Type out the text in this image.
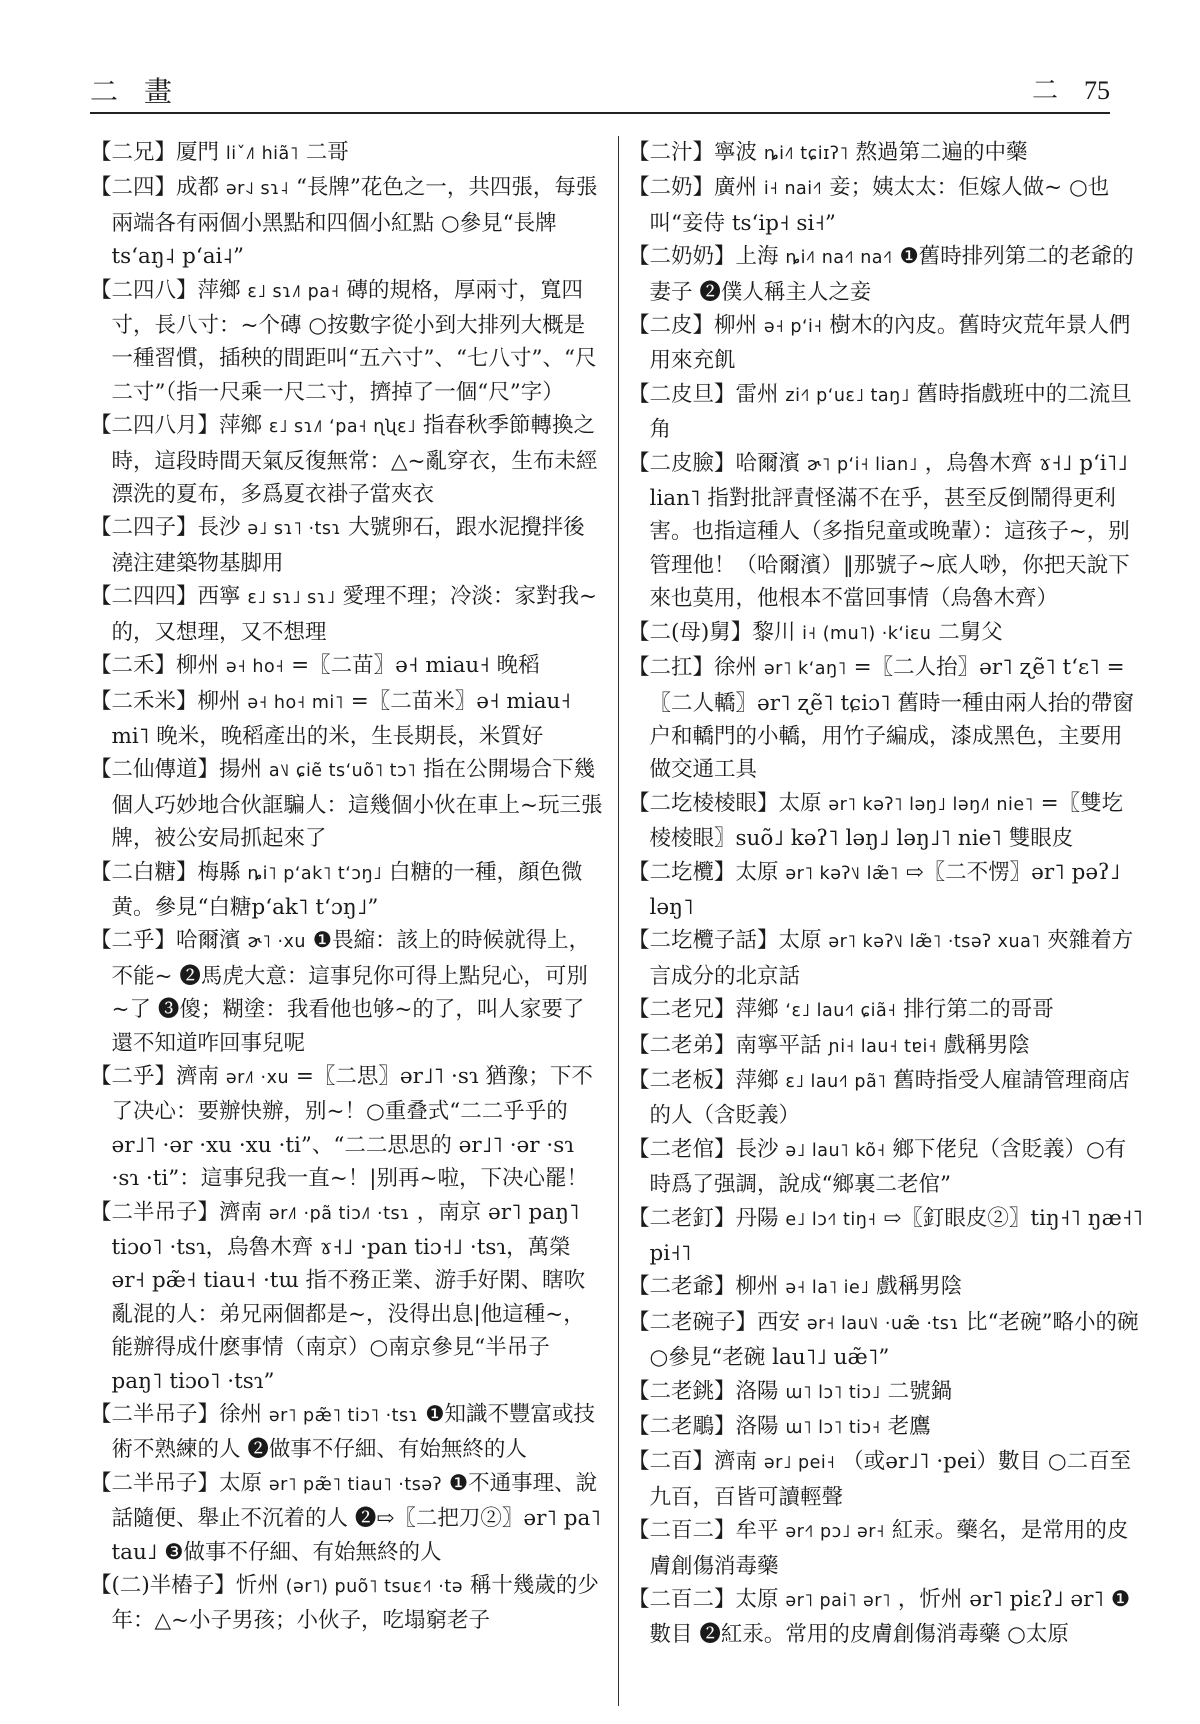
二畫	二 75

【二兄】厦門 liˇ˩˥ hiã˥ 二哥

【二四】成都 ər˨˩ sɿ˨ “長牌”花色之一，共四張，每張兩端各有兩個小黑點和四個小紅點 ○參見“長牌tsʻaŋ˨ pʻai˨”

【二四八】萍鄉 ɛ˩ sɿ˩˥ pa˧ 磚的規格，厚兩寸，寬四寸，長八寸：~个磚 ○按數字從小到大排列大概是一種習慣，插秧的間距叫“五六寸”、“七八寸”、“尺二寸”（指一尺乘一尺二寸，擠掉了一個“尺”字）

【二四八月】萍鄉 ɛ˩ sɿ˩˥ ʻpa˧ ɳʯɛ˩ 指春秋季節轉換之時，這段時間天氣反復無常：△~亂穿衣，生布未經漂洗的夏布，多爲夏衣褂子當夾衣

【二四子】長沙 ə˩ sɿ˥ ·tsɿ 大號卵石，跟水泥攪拌後澆注建築物基脚用

【二四四】西寧 ɛ˩ sɿ˩ sɿ˩ 愛理不理；冷淡：家對我~的，又想理，又不想理

【二禾】柳州 ə˧ ho˧ =〖二苗〗ə˧ miau˧ 晚稻

【二禾米】柳州 ə˧ ho˧ mi˥ =〖二苗米〗ə˧ miau˧ mi˥ 晚米，晚稻產出的米，生長期長，米質好

【二仙傳道】揚州 a˥˩ ɕiẽ tsʻuõ˥ tɔ˥ 指在公開場合下幾個人巧妙地合伙誆騙人：這幾個小伙在車上~玩三張牌，被公安局抓起來了

【二白糖】梅縣 ȵi˥ pʻak˥ tʻɔŋ˩ 白糖的一種，顏色微黄。參見“白糖pʻak˥ tʻɔŋ˩”

【二乎】哈爾濱 ɚ˥ ·xu ❶畏縮：該上的時候就得上，不能~ ❷馬虎大意：這事兒你可得上點兒心，可別~了 ❸傻；糊塗：我看他也够~的了，叫人家要了還不知道咋回事兒呢

【二乎】濟南 ər˩˥ ·xu =〖二思〗ər˩˥ ·sɿ 猶豫；下不了决心：要辦快辦，别~！○重叠式“二二乎乎的 ər˩˥ ·ər ·xu ·xu ·ti”、“二二思思的 ər˩˥ ·ər ·sɿ ·sɿ ·ti”：這事兒我一直~！|别再~啦，下决心罷！

【二半吊子】濟南 ər˩˥ ·pã tiɔ˩˥ ·tsɿ ，南京 ər˥ paŋ˥ tiɔo˥ ·tsɿ，烏魯木齊 ɤ˧˩ ·pan tiɔ˧˩ ·tsɿ，萬榮 ər˧ pæ̃˧ tiau˧ ·tɯ 指不務正業、游手好閑、瞎吹亂混的人：弟兄兩個都是~，没得出息|他這種~，能辦得成什麽事情（南京）○南京參見“半吊子 paŋ˥ tiɔo˥ ·tsɿ”

【二半吊子】徐州 ər˥ pæ̃˥ tiɔ˥ ·tsɿ ❶知識不豐富或技術不熟練的人 ❷做事不仔細、有始無終的人

【二半吊子】太原 ər˥ pæ̃˥ tiau˥ ·tsəʔ ❶不通事理、說話隨便、舉止不沉着的人 ❷⇨〖二把刀②〗ər˥ pa˥ tau˩ ❸做事不仔細、有始無終的人

【(二)半樁子】忻州 (ər˥) puõ˥ tsuɛ˧˥ ·tə 稱十幾歲的少年：△~小子男孩；小伙子，吃塌窮老子

【二汁】寧波 ȵi˨˥ tɕiɪʔ˥ 熬過第二遍的中藥

【二奶】廣州 i˧ nai˧˥ 妾；姨太太：佢嫁人做~ ○也叫“妾侍 tsʻip˧ si˧”

【二奶奶】上海 ȵi˨˥ na˧˥ na˧˥ ❶舊時排列第二的老爺的妻子 ❷僕人稱主人之妾

【二皮】柳州 ə˧ pʻi˧ 樹木的內皮。舊時灾荒年景人們用來充飢

【二皮旦】雷州 zi˧˥ pʻuɛ˩ taŋ˩ 舊時指戲班中的二流旦角

【二皮臉】哈爾濱 ɚ˥ pʻi˧ lian˩ ，烏魯木齊 ɤ˧˩ pʻi˥˩ lian˥ 指對批評責怪滿不在乎，甚至反倒鬧得更利害。也指這種人（多指兒童或晚輩）：這孩子~，别管理他！（哈爾濱）‖那號子~底人唦，你把天說下來也莫用，他根本不當回事情（烏魯木齊）

【二(母)舅】黎川 i˧ (mu˥) ·kʻiɛu 二舅父

【二扛】徐州 ər˥ kʻaŋ˥ =〖二人抬〗ər˥ ʐẽ˥ tʻɛ˥ =〖二人轎〗ər˥ ʐẽ˥ tɕiɔ˥ 舊時一種由兩人抬的帶窗户和轎門的小轎，用竹子編成，漆成黑色，主要用做交通工具

【二圪棱棱眼】太原 ər˥ kəʔ˥ ləŋ˩ ləŋ˩˥ nie˥ =〖雙圪棱棱眼〗suõ˩ kəʔ˥ ləŋ˩ ləŋ˩˥ nie˥ 雙眼皮

【二圪欖】太原 ər˥ kəʔ˥˩ læ̃˥ ⇨〖二不愣〗ər˥ pəʔ˩ ləŋ˥

【二圪欖子話】太原 ər˥ kəʔ˥˩ læ̃˥ ·tsəʔ xua˥ 夾雜着方言成分的北京話

【二老兄】萍鄉 ʻɛ˩ lau˧˥ ɕiã˧ 排行第二的哥哥

【二老弟】南寧平話 ɲi˧ lau˧ tɐi˧ 戲稱男陰

【二老板】萍鄉 ɛ˩ lau˧˥ pã˥ 舊時指受人雇請管理商店的人（含貶義）

【二老倌】長沙 ə˩ lau˥ kõ˧ 鄉下佬兒（含貶義）○有時爲了强調，說成“鄉裏二老倌”

【二老釘】丹陽 e˩ lɔ˧˥ tiŋ˧ ⇨〖釘眼皮②〗tiŋ˧˥ ŋæ˧˥ pi˧˥

【二老爺】柳州 ə˧ la˥ ie˩ 戲稱男陰

【二老碗子】西安 ər˧ lau˥˩ ·uæ̃ ·tsɿ 比“老碗”略小的碗 ○參見“老碗 lau˥˩ uæ̃˥”

【二老銚】洛陽 ɯ˥ lɔ˥ tiɔ˩ 二號鍋

【二老鵰】洛陽 ɯ˥ lɔ˥ tiɔ˧ 老鷹

【二百】濟南 ər˩ pei˧ （或ər˩˥ ·pei）數目 ○二百至九百，百皆可讀輕聲

【二百二】牟平 ər˧˥ pɔ˩ ər˧ 紅汞。藥名，是常用的皮膚創傷消毒藥

【二百二】太原 ər˥ pai˥ ər˥ ，忻州 ər˥ piɛʔ˩ ər˥ ❶數目 ❷紅汞。常用的皮膚創傷消毒藥 ○太原
